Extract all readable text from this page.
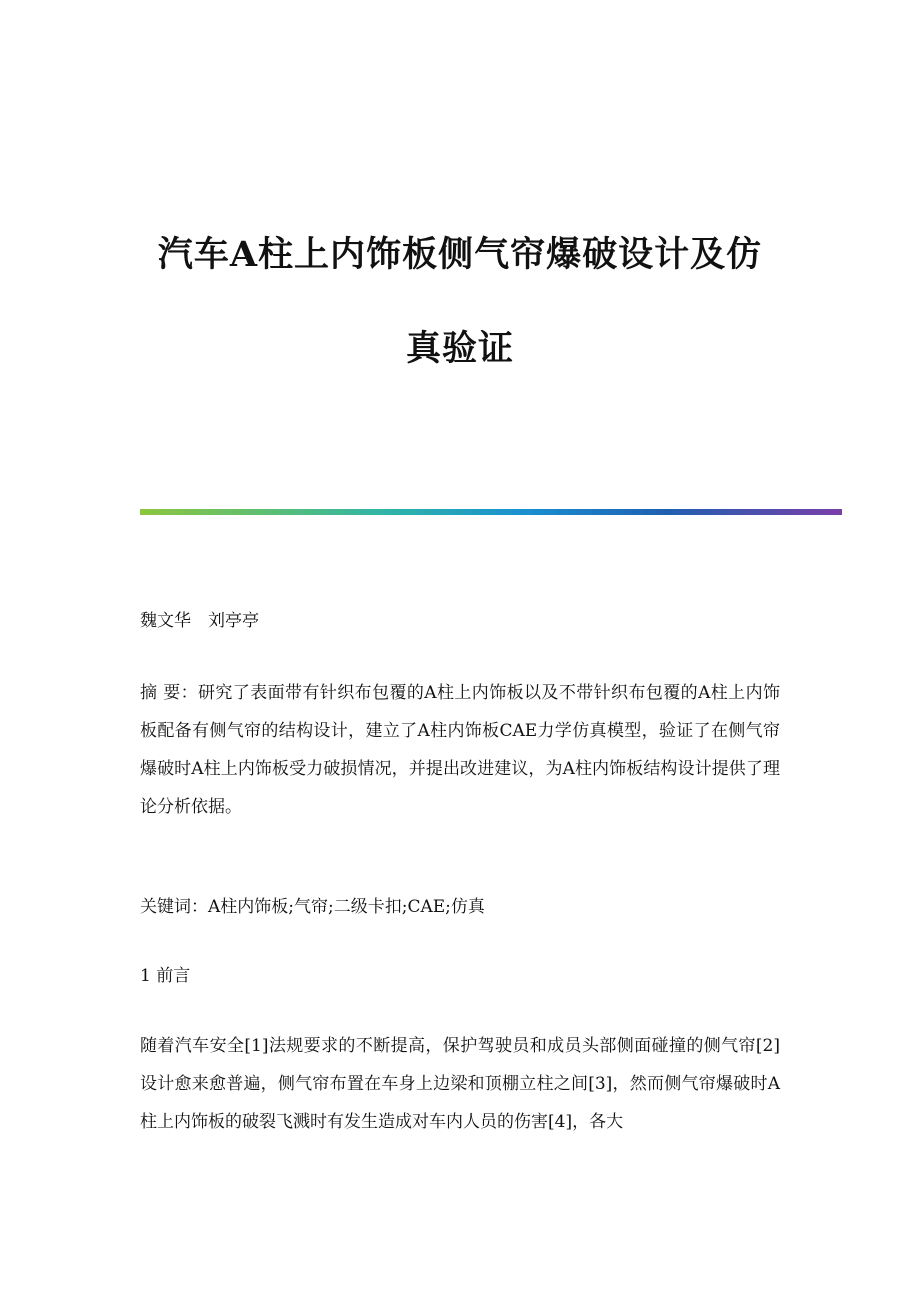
汽车A柱上内饰板侧气帘爆破设计及仿
真验证

魏文华　刘亭亭

摘 要：研究了表面带有针织布包覆的A柱上内饰板以及不带针织布包覆的A柱上内饰板配备有侧气帘的结构设计，建立了A柱内饰板CAE力学仿真模型，验证了在侧气帘爆破时A柱上内饰板受力破损情况，并提出改进建议，为A柱内饰板结构设计提供了理论分析依据。

关键词：A柱内饰板;气帘;二级卡扣;CAE;仿真

1 前言

随着汽车安全[1]法规要求的不断提高，保护驾驶员和成员头部侧面碰撞的侧气帘[2]设计愈来愈普遍，侧气帘布置在车身上边梁和顶棚立柱之间[3]，然而侧气帘爆破时A柱上内饰板的破裂飞溅时有发生造成对车内人员的伤害[4]，各大
